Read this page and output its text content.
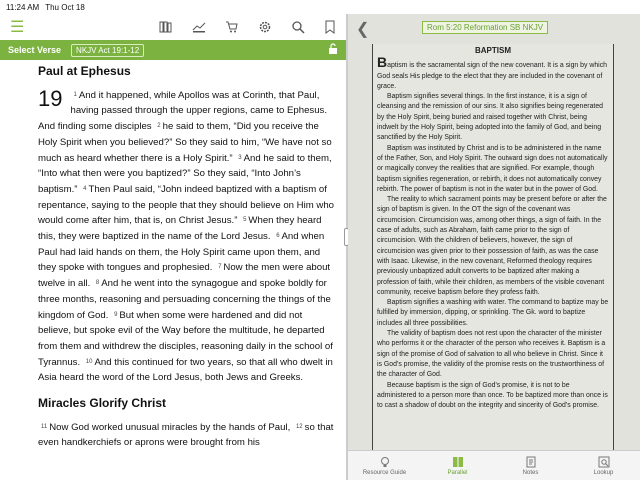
11:24 AM Thu Oct 18
☰
Select Verse	NKJV Act 19:1-12
Paul at Ephesus
19 $^1$ And it happened, while Apollos was at Corinth, that Paul, having passed through the upper regions, came to Ephesus. And finding some disciples $^2$ he said to them, “Did you receive the Holy Spirit when you believed?” So they said to him, “We have not so much as heard whether there is a Holy Spirit.” $^3$ And he said to them, “Into what then were you baptized?” So they said, “Into John’s baptism.” $^4$ Then Paul said, “John indeed baptized with a baptism of repentance, saying to the people that they should believe on Him who would come after him, that is, on Christ Jesus.” $^5$ When they heard this, they were baptized in the name of the Lord Jesus. $^6$ And when Paul had laid hands on them, the Holy Spirit came upon them, and they spoke with tongues and prophesied. $^7$ Now the men were about twelve in all. $^8$ And he went into the synagogue and spoke boldly for three months, reasoning and persuading concerning the things of the kingdom of God. $^9$ But when some were hardened and did not believe, but spoke evil of the Way before the multitude, he departed from them and withdrew the disciples, reasoning daily in the school of Tyrannus. $^{10}$ And this continued for two years, so that all who dwelt in Asia heard the word of the Lord Jesus, both Jews and Greeks.
Miracles Glorify Christ
$^{11}$ Now God worked unusual miracles by the hands of Paul, $^{12}$ so that even handkerchiefs or aprons were brought from his
❮	Rom 5:20 Reformation SB NKJV
BAPTISM

Baptism is the sacramental sign of the new covenant. It is a sign by which God seals His pledge to the elect that they are included in the covenant of grace.

Baptism signifies several things. In the first instance, it is a sign of cleansing and the remission of our sins. It also signifies being regenerated by the Holy Spirit, being buried and raised together with Christ, being indwelt by the Holy Spirit, being adopted into the family of God, and being sanctified by the Holy Spirit.

Baptism was instituted by Christ and is to be administered in the name of the Father, Son, and Holy Spirit. The outward sign does not automatically or magically convey the realities that are signified. For example, though baptism signifies regeneration, or rebirth, it does not automatically convey rebirth. The power of baptism is not in the water but in the power of God.

The reality to which sacrament points may be present before or after the sign of baptism is given. In the OT the sign of the covenant was circumcision. Circumcision was, among other things, a sign of faith. In the case of adults, such as Abraham, faith came prior to the sign of circumcision. With the children of believers, however, the sign of circumcision was given prior to their possession of faith, as was the case with Isaac. Likewise, in the new covenant, Reformed theology requires previously unbaptized adult converts to be baptized after making a profession of faith, while their children, as members of the visible covenant community, receive baptism before they profess faith.

Baptism signifies a washing with water. The command to baptize may be fulfilled by immersion, dipping, or sprinkling. The Gk. word to baptize includes all three possibilities.

The validity of baptism does not rest upon the character of the minister who performs it or the character of the person who receives it. Baptism is a sign of the promise of God of salvation to all who believe in Christ. Since it is God’s promise, the validity of the promise rests on the trustworthiness of the character of God.

Because baptism is the sign of God’s promise, it is not to be administered to a person more than once. To be baptized more than once is to cast a shadow of doubt on the integrity and sincerity of God’s promise.

Resource Guide	Parallel	Notes	Lookup
